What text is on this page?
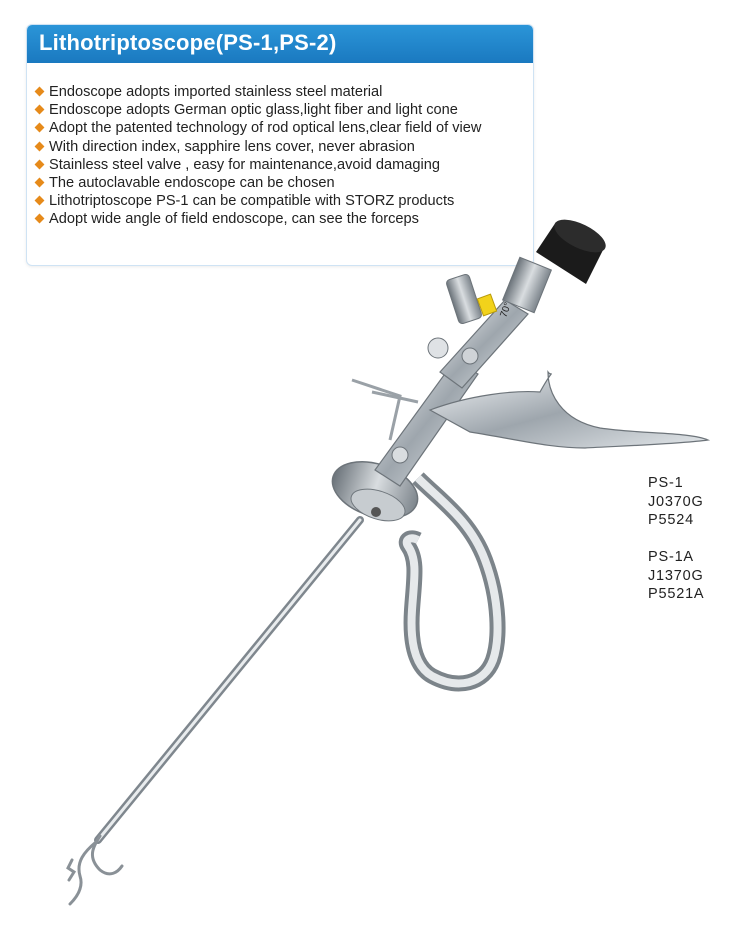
Lithotriptoscope(PS-1,PS-2)
Endoscope adopts imported stainless steel material
Endoscope adopts German optic glass,light fiber and light cone
Adopt the patented technology of rod optical lens,clear field of view
With direction index, sapphire lens cover, never abrasion
Stainless steel valve , easy for maintenance,avoid damaging
The autoclavable endoscope can be chosen
Lithotriptoscope PS-1 can be compatible with STORZ products
Adopt wide angle of field endoscope, can see the forceps
70°
PS-1
J0370G
P5524
PS-1A
J1370G
P5521A
